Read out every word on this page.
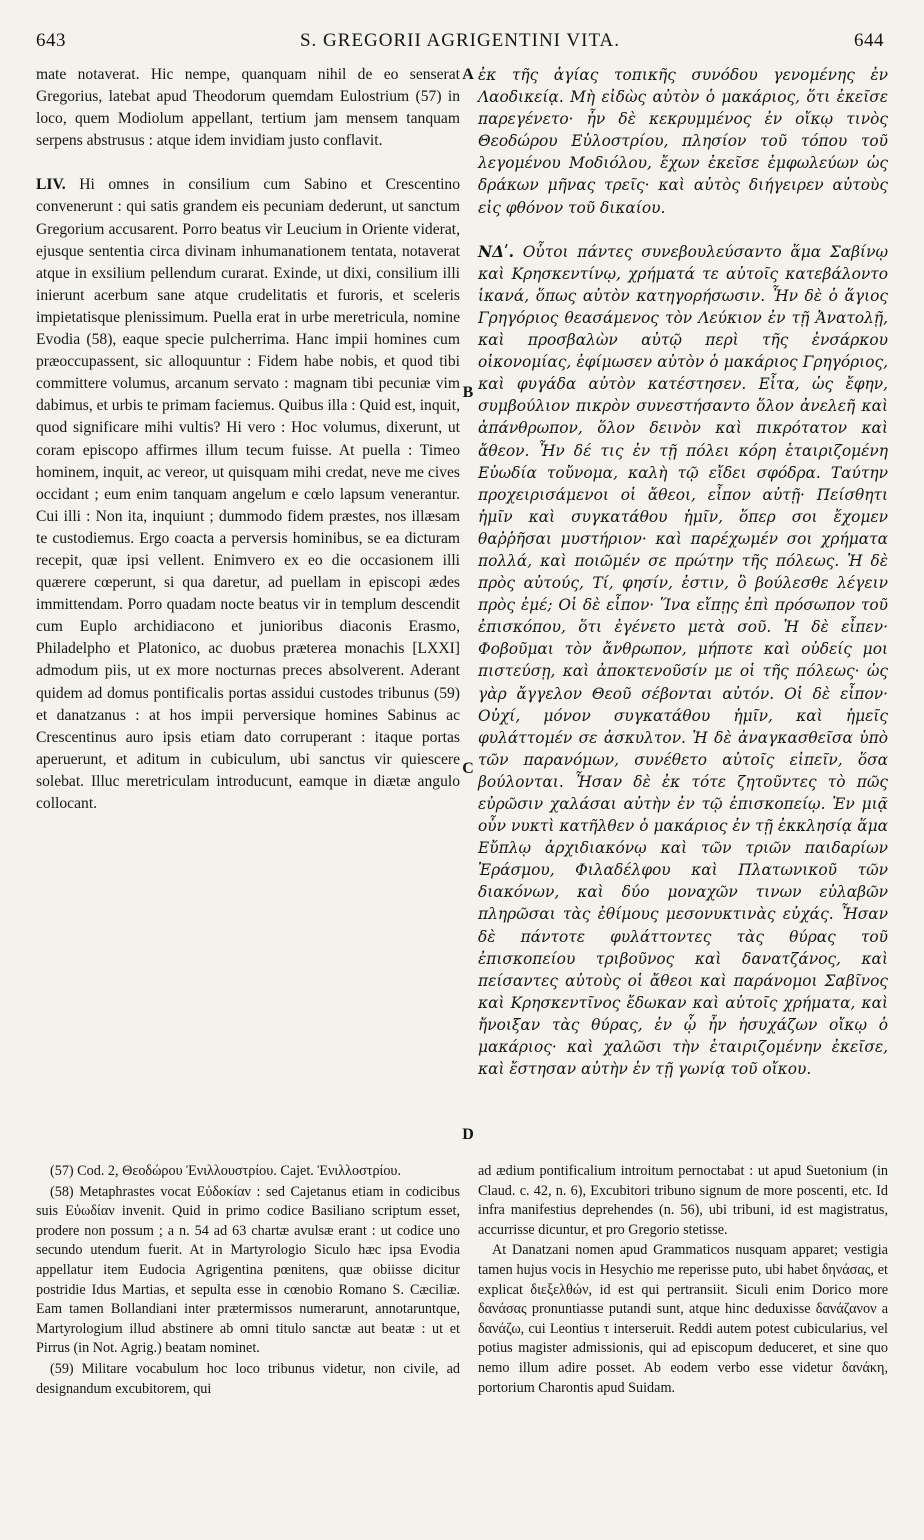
643	S. GREGORII AGRIGENTINI VITA.	644

mate notaverat. Hic nempe, quanquam nihil de eo senserat Gregorius, latebat apud Theodorum quemdam Eulostrium (57) in loco, quem Modiolum appellant, tertium jam mensem tanquam serpens abstrusus : atque idem invidiam justo conflavit.

LIV. Hi omnes in consilium cum Sabino et Crescentino convenerunt : qui satis grandem eis pecuniam dederunt, ut sanctum Gregorium accusarent. Porro beatus vir Leucium in Oriente viderat, ejusque sententia circa divinam inhumanationem tentata, notaverat atque in exsilium pellendum curarat. Exinde, ut dixi, consilium illi inierunt acerbum sane atque crudelitatis et furoris, et sceleris impietatisque plenissimum. Puella erat in urbe meretricula, nomine Evodia (58), eaque specie pulcherrima. Hanc impii homines cum præoccupassent, sic alloquuntur : Fidem habe nobis, et quod tibi committere volumus, arcanum servato : magnam tibi pecuniæ vim dabimus, et urbis te primam faciemus. Quibus illa : Quid est, inquit, quod significare mihi vultis? Hi vero : Hoc volumus, dixerunt, ut coram episcopo affirmes illum tecum fuisse. At puella : Timeo hominem, inquit, ac vereor, ut quisquam mihi credat, neve me cives occidant ; eum enim tanquam angelum e cœlo lapsum venerantur. Cui illi : Non ita, inquiunt ; dummodo fidem præstes, nos illæsam te custodiemus. Ergo coacta a perversis hominibus, se ea dicturam recepit, quæ ipsi vellent. Enimvero ex eo die occasionem illi quærere cœperunt, si qua daretur, ad puellam in episcopi ædes immittendam. Porro quadam nocte beatus vir in templum descendit cum Euplo archidiacono et junioribus diaconis Erasmo, Philadelpho et Platonico, ac duobus præterea monachis [LXXI] admodum piis, ut ex more nocturnas preces absolverent. Aderant quidem ad domus pontificalis portas assidui custodes tribunus (59) et danatzanus : at hos impii perversique homines Sabinus ac Crescentinus auro ipsis etiam dato corruperant : itaque portas aperuerunt, et aditum in cubiculum, ubi sanctus vir quiescere solebat. Illuc meretriculam introducunt, eamque in diætæ angulo collocant.

A
B
C
D

ἐκ τῆς ἁγίας τοπικῆς συνόδου γενομένης ἐν Λαοδικείᾳ. Μὴ εἰδὼς αὐτὸν ὁ μακάριος, ὅτι ἐκεῖσε παρεγένετο· ἦν δὲ κεκρυμμένος ἐν οἴκῳ τινὸς Θεοδώρου Εὐλοστρίου, πλησίον τοῦ τόπου τοῦ λεγομένου Μοδιόλου, ἔχων ἐκεῖσε ἐμφωλεύων ὡς δράκων μῆνας τρεῖς· καὶ αὐτὸς διήγειρεν αὐτοὺς εἰς φθόνον τοῦ δικαίου.

ΝΔʹ. Οὗτοι πάντες συνεβουλεύσαντο ἅμα Σαβίνῳ καὶ Κρησκεντίνῳ, χρήματά τε αὐτοῖς κατεβάλοντο ἱκανά, ὅπως αὐτὸν κατηγορήσωσιν. Ἦν δὲ ὁ ἅγιος Γρηγόριος θεασάμενος τὸν Λεύκιον ἐν τῇ Ἀνατολῇ, καὶ προσβαλὼν αὐτῷ περὶ τῆς ἐνσάρκου οἰκονομίας, ἐφίμωσεν αὐτὸν ὁ μακάριος Γρηγόριος, καὶ φυγάδα αὐτὸν κατέστησεν. Εἶτα, ὡς ἔφην, συμβούλιον πικρὸν συνεστήσαντο ὅλον ἀνελεῆ καὶ ἀπάνθρωπον, ὅλον δεινὸν καὶ πικρότατον καὶ ἄθεον. Ἦν δέ τις ἐν τῇ πόλει κόρη ἑταιριζομένη Εὐωδία τοὔνομα, καλὴ τῷ εἴδει σφόδρα. Ταύτην προχειρισάμενοι οἱ ἄθεοι, εἶπον αὐτῇ· Πείσθητι ἡμῖν καὶ συγκατάθου ἡμῖν, ὅπερ σοι ἔχομεν θαῤῥῆσαι μυστήριον· καὶ παρέχωμέν σοι χρήματα πολλά, καὶ ποιῶμέν σε πρώτην τῆς πόλεως. Ἡ δὲ πρὸς αὐτούς, Τί, φησίν, ἐστιν, ὃ βούλεσθε λέγειν πρὸς ἐμέ; Οἱ δὲ εἶπον· Ἵνα εἴπῃς ἐπὶ πρόσωπον τοῦ ἐπισκόπου, ὅτι ἐγένετο μετὰ σοῦ. Ἡ δὲ εἶπεν· Φοβοῦμαι τὸν ἄνθρωπον, μήποτε καὶ οὐδείς μοι πιστεύσῃ, καὶ ἀποκτενοῦσίν με οἱ τῆς πόλεως· ὡς γὰρ ἄγγελον Θεοῦ σέβονται αὐτόν. Οἱ δὲ εἶπον· Οὐχί, μόνον συγκατάθου ἡμῖν, καὶ ἡμεῖς φυλάττομέν σε ἀσκυλτον. Ἡ δὲ ἀναγκασθεῖσα ὑπὸ τῶν παρανόμων, συνέθετο αὐτοῖς εἰπεῖν, ὅσα βούλονται. Ἦσαν δὲ ἐκ τότε ζητοῦντες τὸ πῶς εὐρῶσιν χαλάσαι αὐτὴν ἐν τῷ ἐπισκοπείῳ. Ἐν μιᾷ οὖν νυκτὶ κατῆλθεν ὁ μακάριος ἐν τῇ ἐκκλησίᾳ ἅμα Εὔπλῳ ἀρχιδιακόνῳ καὶ τῶν τριῶν παιδαρίων Ἐράσμου, Φιλαδέλφου καὶ Πλατωνικοῦ τῶν διακόνων, καὶ δύο μοναχῶν τινων εὐλαβῶν πληρῶσαι τὰς ἐθίμους μεσονυκτινὰς εὐχάς. Ἦσαν δὲ πάντοτε φυλάττοντες τὰς θύρας τοῦ ἐπισκοπείου τριβοῦνος καὶ δανατζάνος, καὶ πείσαντες αὐτοὺς οἱ ἄθεοι καὶ παράνομοι Σαβῖνος καὶ Κρησκεντῖνος ἔδωκαν καὶ αὐτοῖς χρήματα, καὶ ἤνοιξαν τὰς θύρας, ἐν ᾧ ἦν ἡσυχάζων οἴκῳ ὁ μακάριος· καὶ χαλῶσι τὴν ἑταιριζομένην ἐκεῖσε, καὶ ἔστησαν αὐτὴν ἐν τῇ γωνίᾳ τοῦ οἴκου.

(57) Cod. 2, Θεοδώρου Ἐνιλλουστρίου. Cajet. Ἐνιλλοστρίου.

(58) Metaphrastes vocat Εὐδοκίαν : sed Cajetanus etiam in codicibus suis Εὐωδίαν invenit. Quid in primo codice Basiliano scriptum esset, prodere non possum ; a n. 54 ad 63 chartæ avulsæ erant : ut codice uno secundo utendum fuerit. At in Martyrologio Siculo hæc ipsa Evodia appellatur item Eudocia Agrigentina pœnitens, quæ obiisse dicitur postridie Idus Martias, et sepulta esse in cœnobio Romano S. Cæciliæ. Eam tamen Bollandiani inter prætermissos numerarunt, annotaruntque, Martyrologium illud abstinere ab omni titulo sanctæ aut beatæ : ut et Pirrus (in Not. Agrig.) beatam nominet.

(59) Militare vocabulum hoc loco tribunus videtur, non civile, ad designandum excubitorem, qui

ad ædium pontificalium introitum pernoctabat : ut apud Suetonium (in Claud. c. 42, n. 6), Excubitori tribuno signum de more poscenti, etc. Id infra manifestius deprehendes (n. 56), ubi tribuni, id est magistratus, accurrisse dicuntur, et pro Gregorio stetisse.

At Danatzani nomen apud Grammaticos nusquam apparet; vestigia tamen hujus vocis in Hesychio me reperisse puto, ubi habet δηνάσας, et explicat διεξελθών, id est qui pertransiit. Siculi enim Dorico more δανάσας pronuntiasse putandi sunt, atque hinc deduxisse δανάζανον a δανάζω, cui Leontius τ interseruit. Reddi autem potest cubicularius, vel potius magister admissionis, qui ad episcopum deduceret, et sine quo nemo illum adire posset. Ab eodem verbo esse videtur δανάκη, portorium Charontis apud Suidam.
